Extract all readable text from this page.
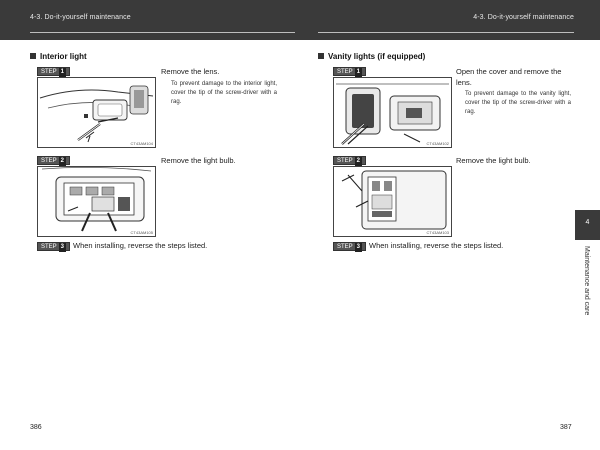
4-3. Do-it-yourself maintenance	4-3. Do-it-yourself maintenance
Interior light
STEP 1
CT43AM104
Remove the lens.
To prevent damage to the interior light, cover the tip of the screw-driver with a rag.
STEP 2
CT43AM105
Remove the light bulb.
STEP 3 When installing, reverse the steps listed.
386
Vanity lights (if equipped)
STEP 1
CT43AM102
Open the cover and remove the lens.
To prevent damage to the vanity light, cover the tip of the screw-driver with a rag.
STEP 2
CT43AM103
Remove the light bulb.
STEP 3 When installing, reverse the steps listed.
387
4
Maintenance and care
